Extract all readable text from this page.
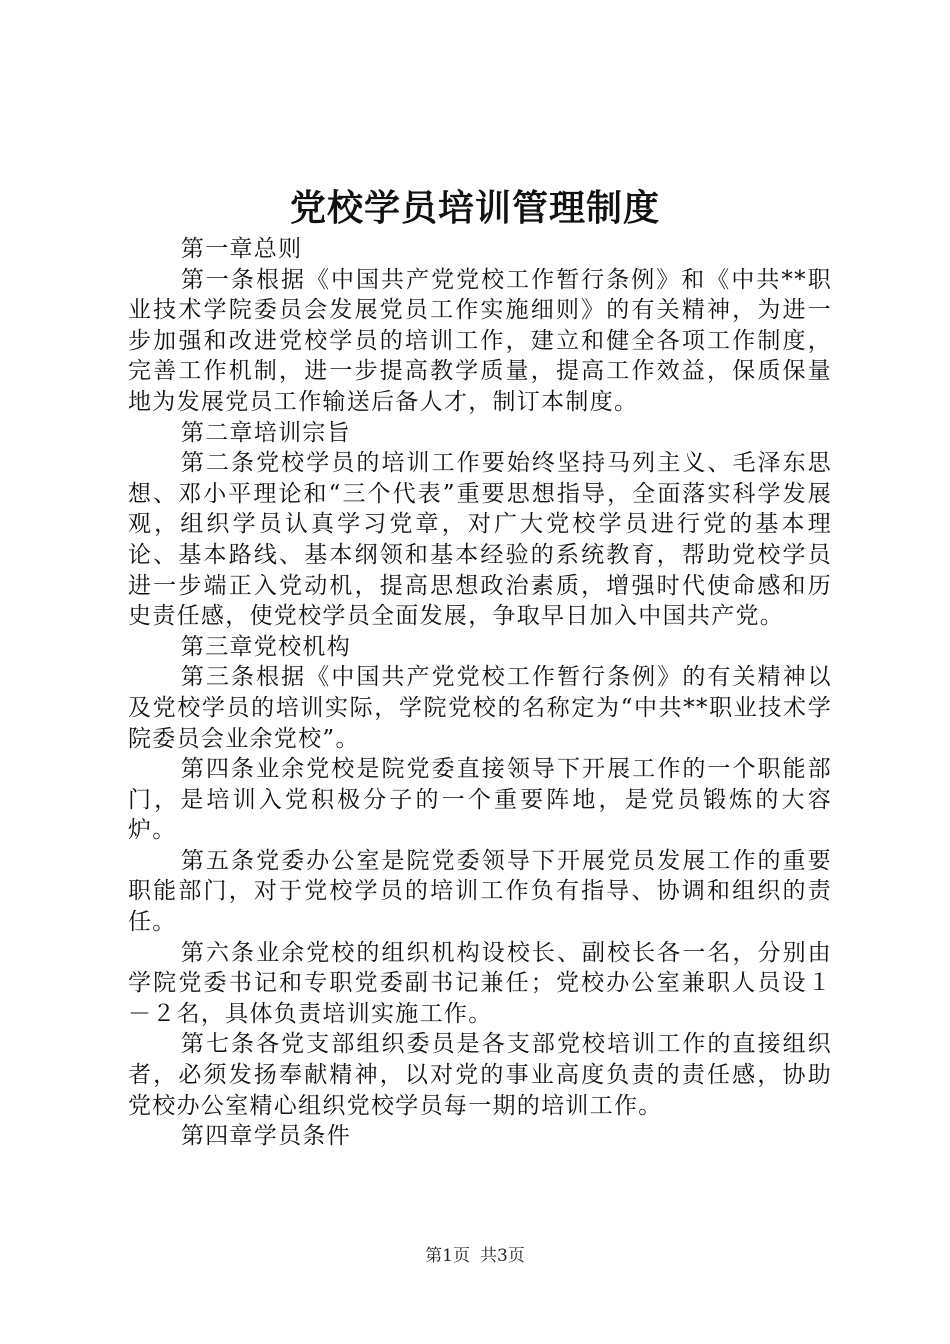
党校学员培训管理制度

第一章总则

第一条根据《中国共产党党校工作暂行条例》和《中共**职业技术学院委员会发展党员工作实施细则》的有关精神，为进一步加强和改进党校学员的培训工作，建立和健全各项工作制度，完善工作机制，进一步提高教学质量，提高工作效益，保质保量地为发展党员工作输送后备人才，制订本制度。

第二章培训宗旨

第二条党校学员的培训工作要始终坚持马列主义、毛泽东思想、邓小平理论和“三个代表”重要思想指导，全面落实科学发展观，组织学员认真学习党章，对广大党校学员进行党的基本理论、基本路线、基本纲领和基本经验的系统教育，帮助党校学员进一步端正入党动机，提高思想政治素质，增强时代使命感和历史责任感，使党校学员全面发展，争取早日加入中国共产党。

第三章党校机构

第三条根据《中国共产党党校工作暂行条例》的有关精神以及党校学员的培训实际，学院党校的名称定为“中共**职业技术学院委员会业余党校”。

第四条业余党校是院党委直接领导下开展工作的一个职能部门，是培训入党积极分子的一个重要阵地，是党员锻炼的大容炉。

第五条党委办公室是院党委领导下开展党员发展工作的重要职能部门，对于党校学员的培训工作负有指导、协调和组织的责任。

第六条业余党校的组织机构设校长、副校长各一名，分别由学院党委书记和专职党委副书记兼任；党校办公室兼职人员设１－２名，具体负责培训实施工作。

第七条各党支部组织委员是各支部党校培训工作的直接组织者，必须发扬奉献精神，以对党的事业高度负责的责任感，协助党校办公室精心组织党校学员每一期的培训工作。

第四章学员条件

第1页 共3页
